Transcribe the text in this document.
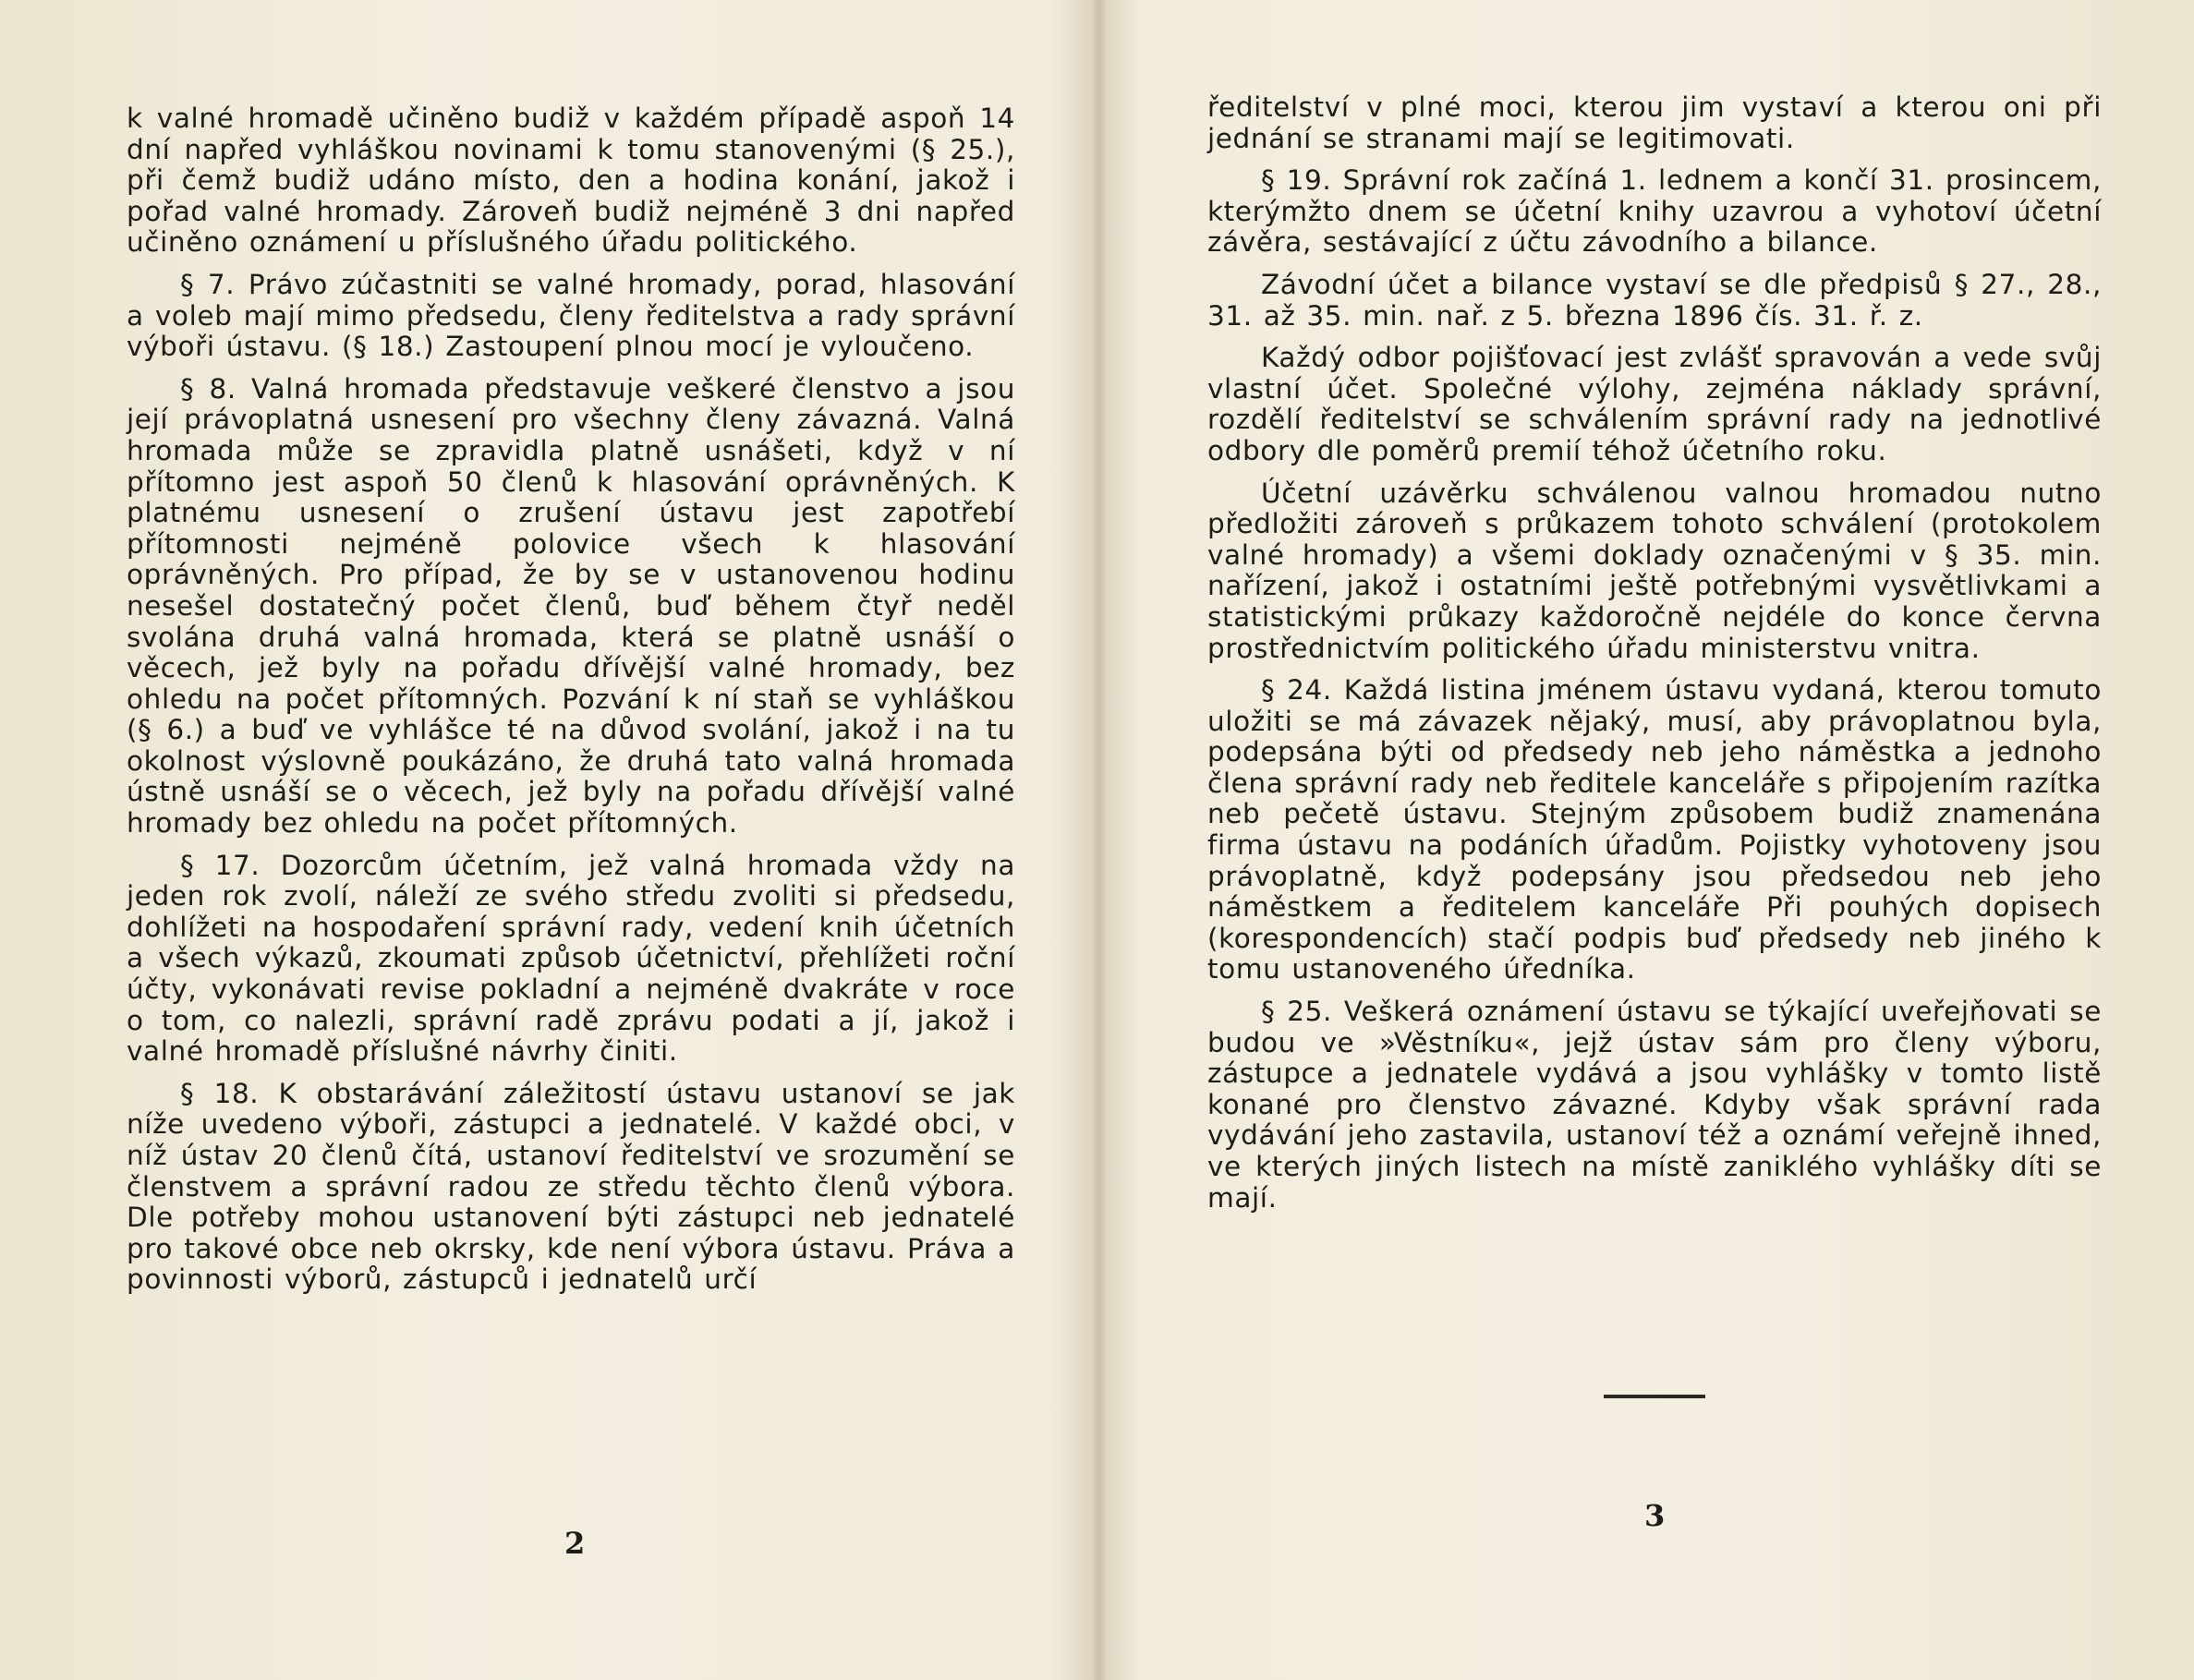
k valné hromadě učiněno budiž v každém případě aspoň 14 dní napřed vyhláškou novinami k tomu stanovenými (§ 25.), při čemž budiž udáno místo, den a hodina konání, jakož i pořad valné hromady. Zároveň budiž nejméně 3 dni napřed učiněno oznámení u příslušného úřadu politického.

§ 7. Právo zúčastniti se valné hromady, porad, hlasování a voleb mají mimo předsedu, členy ředitelstva a rady správní výboři ústavu. (§ 18.) Zastoupení plnou mocí je vyloučeno.

§ 8. Valná hromada představuje veškeré členstvo a jsou její právoplatná usnesení pro všechny členy závazná. Valná hromada může se zpravidla platně usnášeti, když v ní přítomno jest aspoň 50 členů k hlasování oprávněných. K platnému usnesení o zrušení ústavu jest zapotřebí přítomnosti nejméně polovice všech k hlasování oprávněných. Pro případ, že by se v ustanovenou hodinu nesešel dostatečný počet členů, buď během čtyř neděl svolána druhá valná hromada, která se platně usnáší o věcech, jež byly na pořadu dřívější valné hromady, bez ohledu na počet přítomných. Pozvání k ní staň se vyhláškou (§ 6.) a buď ve vyhlášce té na důvod svolání, jakož i na tu okolnost výslovně poukázáno, že druhá tato valná hromada ústně usnáší se o věcech, jež byly na pořadu dřívější valné hromady bez ohledu na počet přítomných.

§ 17. Dozorcům účetním, jež valná hromada vždy na jeden rok zvolí, náleží ze svého středu zvoliti si předsedu, dohlížeti na hospodaření správní rady, vedení knih účetních a všech výkazů, zkoumati způsob účetnictví, přehlížeti roční účty, vykonávati revise pokladní a nejméně dvakráte v roce o tom, co nalezli, správní radě zprávu podati a jí, jakož i valné hromadě příslušné návrhy činiti.

§ 18. K obstarávání záležitostí ústavu ustanoví se jak níže uvedeno výboři, zástupci a jednatelé. V každé obci, v níž ústav 20 členů čítá, ustanoví ředitelství ve srozumění se členstvem a správní radou ze středu těchto členů výbora. Dle potřeby mohou ustanovení býti zástupci neb jednatelé pro takové obce neb okrsky, kde není výbora ústavu. Práva a povinnosti výborů, zástupců i jednatelů určí

2

ředitelství v plné moci, kterou jim vystaví a kterou oni při jednání se stranami mají se legitimovati.

§ 19. Správní rok začíná 1. lednem a končí 31. prosincem, kterýmžto dnem se účetní knihy uzavrou a vyhotoví účetní závěra, sestávající z účtu závodního a bilance.

Závodní účet a bilance vystaví se dle předpisů § 27., 28., 31. až 35. min. nař. z 5. března 1896 čís. 31. ř. z.

Každý odbor pojišťovací jest zvlášť spravován a vede svůj vlastní účet. Společné výlohy, zejména náklady správní, rozdělí ředitelství se schválením správní rady na jednotlivé odbory dle poměrů premií téhož účetního roku.

Účetní uzávěrku schválenou valnou hromadou nutno předložiti zároveň s průkazem tohoto schválení (protokolem valné hromady) a všemi doklady označenými v § 35. min. nařízení, jakož i ostatními ještě potřebnými vysvětlivkami a statistickými průkazy každoročně nejdéle do konce června prostřednictvím politického úřadu ministerstvu vnitra.

§ 24. Každá listina jménem ústavu vydaná, kterou tomuto uložiti se má závazek nějaký, musí, aby právoplatnou byla, podepsána býti od předsedy neb jeho náměstka a jednoho člena správní rady neb ředitele kanceláře s připojením razítka neb pečetě ústavu. Stejným způsobem budiž znamenána firma ústavu na podáních úřadům. Pojistky vyhotoveny jsou právoplatně, když podepsány jsou předsedou neb jeho náměstkem a ředitelem kanceláře Při pouhých dopisech (korespondencích) stačí podpis buď předsedy neb jiného k tomu ustanoveného úředníka.

§ 25. Veškerá oznámení ústavu se týkající uveřejňovati se budou ve »Věstníku«, jejž ústav sám pro členy výboru, zástupce a jednatele vydává a jsou vyhlášky v tomto listě konané pro členstvo závazné. Kdyby však správní rada vydávání jeho zastavila, ustanoví též a oznámí veřejně ihned, ve kterých jiných listech na místě zaniklého vyhlášky díti se mají.

3
